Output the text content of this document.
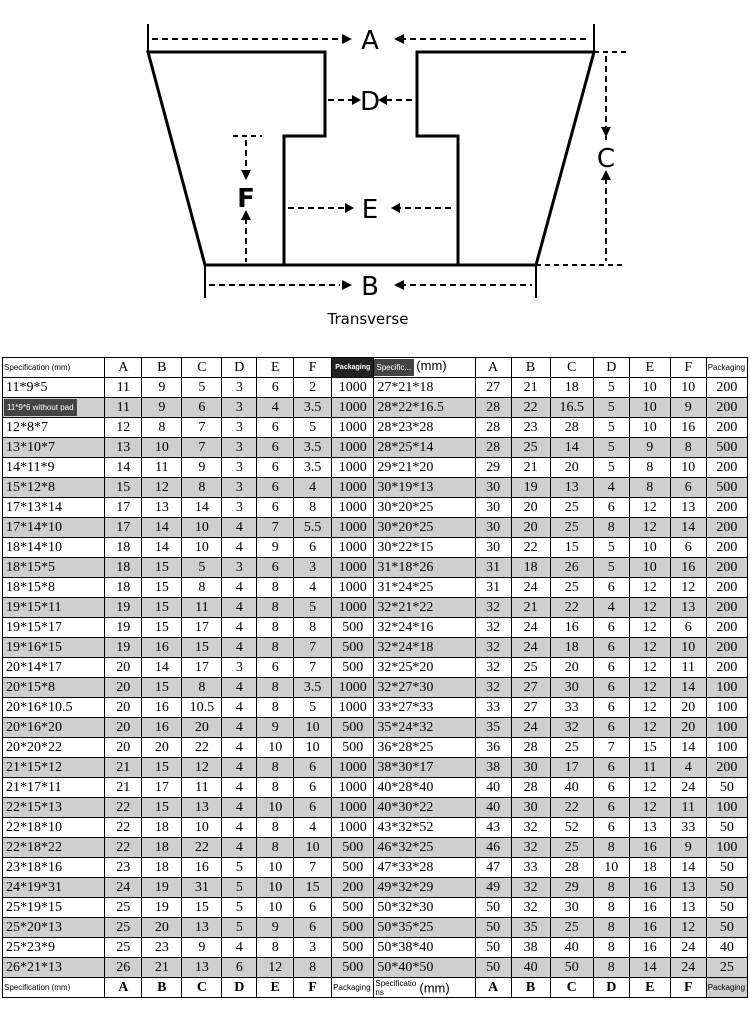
A
D
C
F	E
B
Transverse
Specification (mm)	A	B	C	D	E	F	Packaging	Specific... (mm)	A	B	C	D	E	F	Packaging
11*9*5	11	9	5	3	6	2	1000	27*21*18	27	21	18	5	10	10	200
11*9*6 without pad	11	9	6	3	4	3.5	1000	28*22*16.5	28	22	16.5	5	10	9	200
12*8*7	12	8	7	3	6	5	1000	28*23*28	28	23	28	5	10	16	200
13*10*7	13	10	7	3	6	3.5	1000	28*25*14	28	25	14	5	9	8	500
14*11*9	14	11	9	3	6	3.5	1000	29*21*20	29	21	20	5	8	10	200
15*12*8	15	12	8	3	6	4	1000	30*19*13	30	19	13	4	8	6	500
17*13*14	17	13	14	3	6	8	1000	30*20*25	30	20	25	6	12	13	200
17*14*10	17	14	10	4	7	5.5	1000	30*20*25	30	20	25	8	12	14	200
18*14*10	18	14	10	4	9	6	1000	30*22*15	30	22	15	5	10	6	200
18*15*5	18	15	5	3	6	3	1000	31*18*26	31	18	26	5	10	16	200
18*15*8	18	15	8	4	8	4	1000	31*24*25	31	24	25	6	12	12	200
19*15*11	19	15	11	4	8	5	1000	32*21*22	32	21	22	4	12	13	200
19*15*17	19	15	17	4	8	8	500	32*24*16	32	24	16	6	12	6	200
19*16*15	19	16	15	4	8	7	500	32*24*18	32	24	18	6	12	10	200
20*14*17	20	14	17	3	6	7	500	32*25*20	32	25	20	6	12	11	200
20*15*8	20	15	8	4	8	3.5	1000	32*27*30	32	27	30	6	12	14	100
20*16*10.5	20	16	10.5	4	8	5	1000	33*27*33	33	27	33	6	12	20	100
20*16*20	20	16	20	4	9	10	500	35*24*32	35	24	32	6	12	20	100
20*20*22	20	20	22	4	10	10	500	36*28*25	36	28	25	7	15	14	100
21*15*12	21	15	12	4	8	6	1000	38*30*17	38	30	17	6	11	4	200
21*17*11	21	17	11	4	8	6	1000	40*28*40	40	28	40	6	12	24	50
22*15*13	22	15	13	4	10	6	1000	40*30*22	40	30	22	6	12	11	100
22*18*10	22	18	10	4	8	4	1000	43*32*52	43	32	52	6	13	33	50
22*18*22	22	18	22	4	8	10	500	46*32*25	46	32	25	8	16	9	100
23*18*16	23	18	16	5	10	7	500	47*33*28	47	33	28	10	18	14	50
24*19*31	24	19	31	5	10	15	200	49*32*29	49	32	29	8	16	13	50
25*19*15	25	19	15	5	10	6	500	50*32*30	50	32	30	8	16	13	50
25*20*13	25	20	13	5	9	6	500	50*35*25	50	35	25	8	16	12	50
25*23*9	25	23	9	4	8	3	500	50*38*40	50	38	40	8	16	24	40
26*21*13	26	21	13	6	12	8	500	50*40*50	50	40	50	8	14	24	25
Specification (mm)	A	B	C	D	E	F	Packaging	Specifications (mm)	A	B	C	D	E	F	Packaging
